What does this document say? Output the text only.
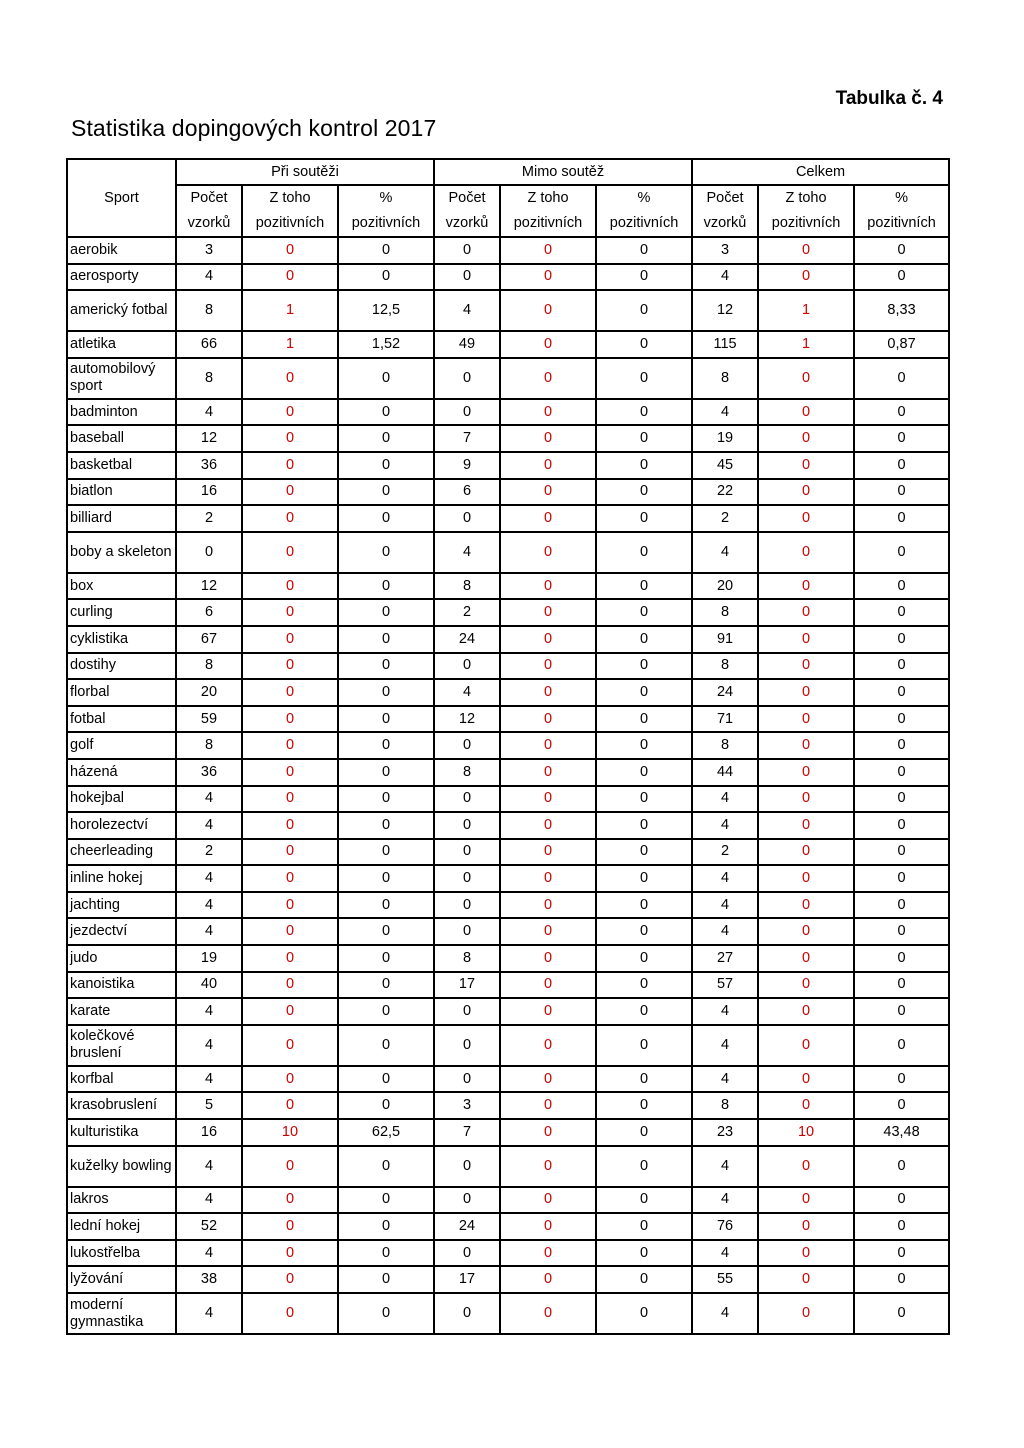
Tabulka č. 4
Statistika dopingových kontrol 2017
Sport	Při soutěži			Mimo soutěž			Celkem		
	Počet	Z toho	%	Počet	Z toho	%	Počet	Z toho	%
	vzorků	pozitivních	pozitivních	vzorků	pozitivních	pozitivních	vzorků	pozitivních	pozitivních
aerobik	3	0	0	0	0	0	3	0	0
aerosporty	4	0	0	0	0	0	4	0	0
americký fotbal	8	1	12,5	4	0	0	12	1	8,33
atletika	66	1	1,52	49	0	0	115	1	0,87
automobilový sport	8	0	0	0	0	0	8	0	0
badminton	4	0	0	0	0	0	4	0	0
baseball	12	0	0	7	0	0	19	0	0
basketbal	36	0	0	9	0	0	45	0	0
biatlon	16	0	0	6	0	0	22	0	0
billiard	2	0	0	0	0	0	2	0	0
boby a skeleton	0	0	0	4	0	0	4	0	0
box	12	0	0	8	0	0	20	0	0
curling	6	0	0	2	0	0	8	0	0
cyklistika	67	0	0	24	0	0	91	0	0
dostihy	8	0	0	0	0	0	8	0	0
florbal	20	0	0	4	0	0	24	0	0
fotbal	59	0	0	12	0	0	71	0	0
golf	8	0	0	0	0	0	8	0	0
házená	36	0	0	8	0	0	44	0	0
hokejbal	4	0	0	0	0	0	4	0	0
horolezectví	4	0	0	0	0	0	4	0	0
cheerleading	2	0	0	0	0	0	2	0	0
inline hokej	4	0	0	0	0	0	4	0	0
jachting	4	0	0	0	0	0	4	0	0
jezdectví	4	0	0	0	0	0	4	0	0
judo	19	0	0	8	0	0	27	0	0
kanoistika	40	0	0	17	0	0	57	0	0
karate	4	0	0	0	0	0	4	0	0
kolečkové bruslení	4	0	0	0	0	0	4	0	0
korfbal	4	0	0	0	0	0	4	0	0
krasobruslení	5	0	0	3	0	0	8	0	0
kulturistika	16	10	62,5	7	0	0	23	10	43,48
kuželky bowling	4	0	0	0	0	0	4	0	0
lakros	4	0	0	0	0	0	4	0	0
lední hokej	52	0	0	24	0	0	76	0	0
lukostřelba	4	0	0	0	0	0	4	0	0
lyžování	38	0	0	17	0	0	55	0	0
moderní gymnastika	4	0	0	0	0	0	4	0	0
